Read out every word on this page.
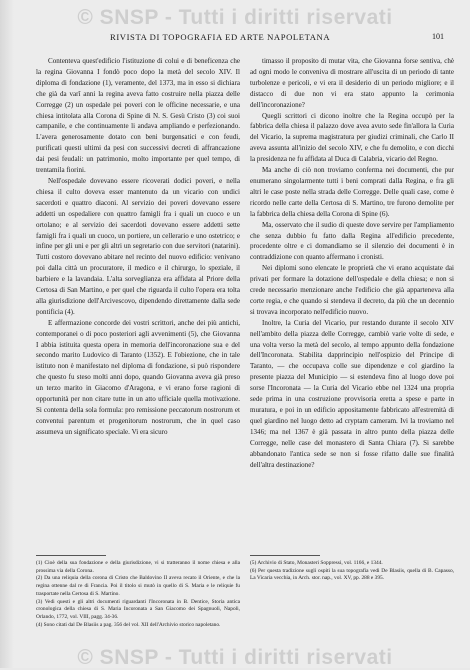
© SNSP - Tutti i diritti riservati
RIVISTA DI TOPOGRAFIA ED ARTE NAPOLETANA	101

Contenteva quest'edificio l'istituzione di colui e di beneficenza che la regina Giovanna I fondò poco dopo la metà del secolo XIV. Il diploma di fondazione (1), veramente, del 1373, ma in esso si dichiara che già da varî anni la regina aveva fatto costruire nella piazza delle Corregge (2) un ospedale pei poveri con le officine necessarie, e una chiesa intitolata alla Corona di Spine di N. S. Gesù Cristo (3) coi suoi campanile, e che continuamente li andava ampliando e perfezionando. L'avera generosamente dotato con beni burgensatici e con feudi, purificati questi ultimi da pesi con successivi decreti di affrancazione dai pesi feudali: un patrimonio, molto importante per quel tempo, di trentamila fiorini.

Nell'ospedale dovevano essere ricoverati dodici poveri, e nella chiesa il culto doveva esser mantenuto da un vicario con undici sacerdoti e quattro diaconi. Al servizio dei poveri dovevano essere addetti un ospedaliere con quattro famigli fra i quali un cuoco e un ortolano; e al servizio dei sacerdoti dovevano essere addetti sette famigli fra i quali un cuoco, un portiere, un cellerario e uno ostetrico; e infine per gli uni e per gli altri un segretario con due servitori (natarini). Tutti costoro dovevano abitare nel recinto del nuovo edificio: venivano poi dalla città un procuratore, il medico e il chirurgo, lo speziale, il barbiere e la lavandaia. L'alta sorveglianza era affidata al Priore della Certosa di San Martino, e per quel che riguarda il culto l'opera era tolta alla giurisdizione dell'Arcivescovo, dipendendo direttamente dalla sede pontificia (4).

E affermazione concorde dei vostri scrittori, anche dei più antichi, contemporanei o di poco posteriori agli avvenimenti (5), che Giovanna I abbia istituita questa opera in memoria dell'incoronazione sua e del secondo marito Ludovico di Taranto (1352). E l'obiezione, che in tale istituto non è manifestato nel diploma di fondazione, si può rispondere che questo fu steso molti anni dopo, quando Giovanna aveva già preso un terzo marito in Giacomo d'Aragona, e vi erano forse ragioni di opportunità per non citare tutte in un atto ufficiale quella motivazione. Si contenta della sola formula: pro remissione peccatorum nostrorum et conventui parentum et progenitorum nostrorum, che in quel caso assumeva un significato speciale. Vi era sicuro

timasso il proposito di mutar vita, che Giovanna forse sentiva, chè ad ogni modo le conveniva di mostrare all'uscita di un periodo di tante turbolenze e pericoli, e vi era il desiderio di un periodo migliore; e il distacco di due non vi era stato appunto la cerimonia dell'incoronazione?

Quegli scrittori ci dicono inoltre che la Regina occupò per la fabbrica della chiesa il palazzo dove avea avuto sede fin'allora la Curia del Vicario, la suprema magistratura per giudizi criminali, che Carlo II aveva assunta all'inizio del secolo XIV, e che fu demolito, e con dicchi la presidenza ne fu affidata al Duca di Calabria, vicario del Regno.

Ma anche di ciò non troviamo conferma nei documenti, che pur enumerano singolarmente tutti i beni comprati dalla Regina, e fra gli altri le case poste nella strada delle Corregge. Delle quali case, come è ricordo nelle carte della Certosa di S. Martino, tre furono demolite per la fabbrica della chiesa della Corona di Spine (6).

Ma, osservato che il sudio di queste dove servire per l'ampliamento che senza dubbio fu fatto dalla Regina all'edificio precedente, procedente oltre e ci domandiamo se il silenzio dei documenti è in contraddizione con quanto affermano i cronisti.

Nei diplomi sono elencate le proprietà che vi erano acquistate dai privati per formare la dotazione dell'ospedale e della chiesa; e non si crede necessario menzionare anche l'edificio che già apparteneva alla corte regia, e che quando si stendeva il decreto, da più che un decennio si trovava incorporato nell'edificio nuovo.

Inoltre, la Curia del Vicario, pur restando durante il secolo XIV nell'ambito della piazza delle Corregge, cambiò varie volte di sede, e una volta verso la metà del secolo, al tempo appunto della fondazione dell'Incoronata. Stabilita dapprincipio nell'ospizio del Principe di Taranto, — che occupava colle sue dipendenze e col giardino la presente piazza del Municipio — si estendeva fino al luogo dove poi sorse l'Incoronata — la Curia del Vicario ebbe nel 1324 una propria sede prima in una costruzione provvisoria eretta a spese e parte in muratura, e poi in un edificio appositamente fabbricato all'estremità di quel giardino nel luogo detto ad cryptam cameram. Ivi la troviamo nel 1346; ma nel 1367 è già passata in altro punto della piazza delle Corregge, nelle case del monastero di Santa Chiara (7). Si sarebbe abbandonato l'antica sede se non si fosse rifatto dalle sue finalità dell'altra destinazione?

(1) Cioè della sua fondazione e della giurisdizione, vi si tratteranno il nome chiesa e alla prossima via della Corona.
(2) Da una reliquia della corona di Cristo che Baldovino II aveva recato il Oriente, e che la regina ottenne dal re di Francia. Poi il titolo si mutò in quello di S. Maria e le reliquie fu trasportate nella Certosa di S. Martino.
(3) Vedi questi e gli altri documenti riguardanti l'Incoronata in B. Dentice, Storia antica cronologica della chiesa di S. Maria Incoronata a San Giacomo dei Spagnuoli, Napoli, Orlando, 1772, vol. VIII, pagg. 34-36.
(4) Sono citati dal De Blasiis a pag. 356 del vol. XII dell'Archivio storico napoletano.
(5) Archivio di Stato, Monasteri Soppressi, vol. 1166, e 1344.
(6) Per questa tradizione sugli ospiti la sua topografia vedi De Blasiis, quella di B. Capasso, La Vicaria vecchia, in Arch. stor. nap., vol. XV, pp. 288 e 395.
© SNSP - Tutti i diritti riservati
